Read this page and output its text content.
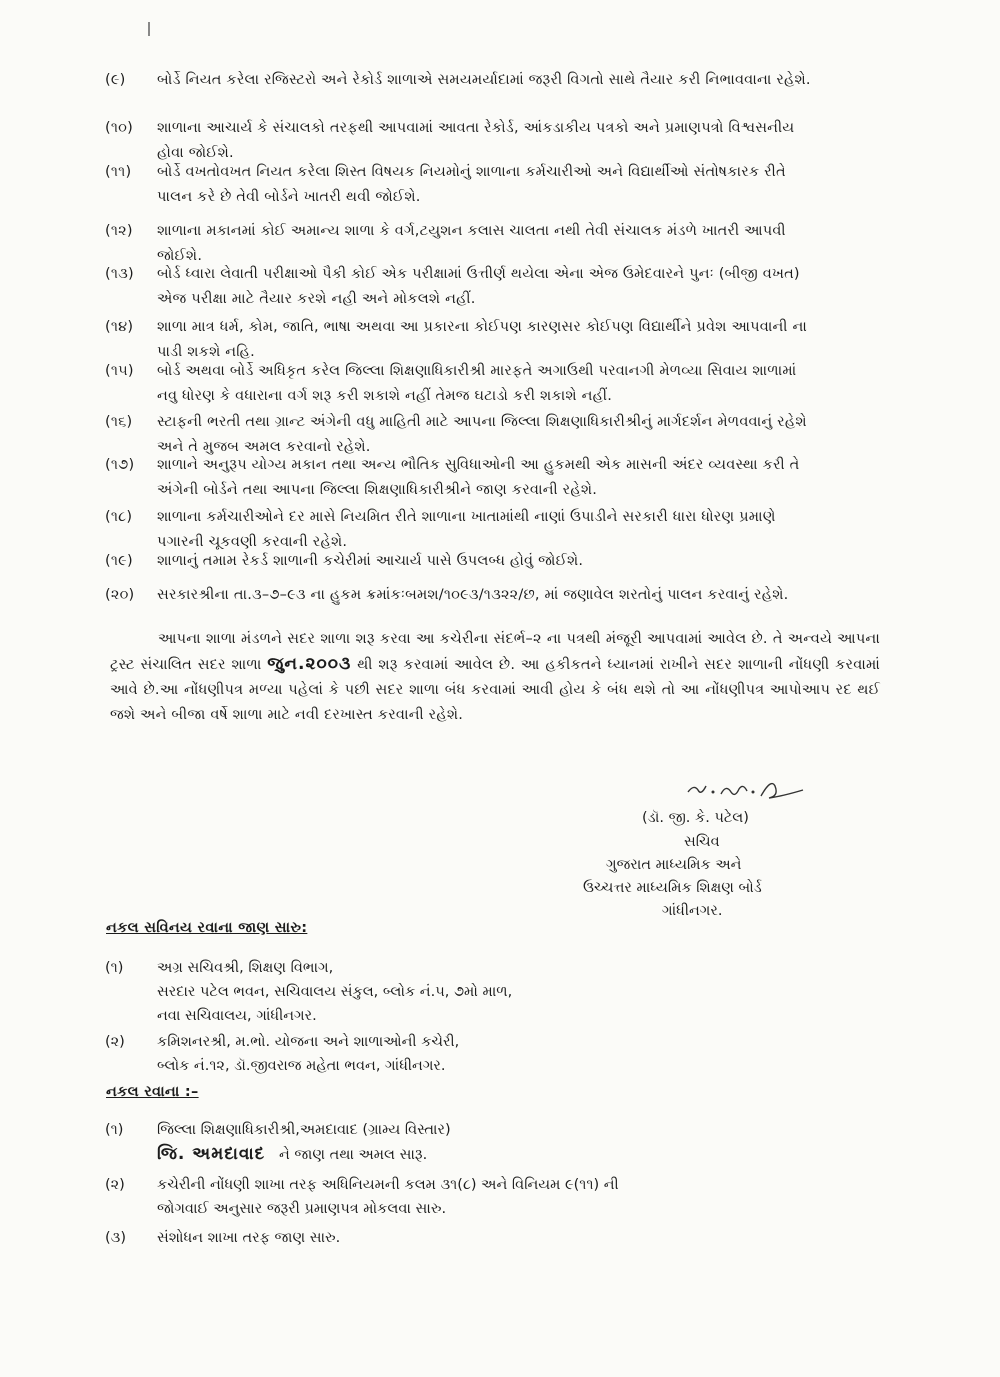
(૯)	બોર્ડે નિયત કરેલા રજિસ્ટરો અને રેકોર્ડ શાળાએ સમયમર્યાદામાં જરૂરી વિગતો સાથે તૈયાર કરી નિભાવવાના રહેશે.
(૧૦)	શાળાના આચાર્ય કે સંચાલકો તરફથી આપવામાં આવતા રેકોર્ડ, આંકડાકીય પત્રકો અને પ્રમાણપત્રો વિશ્વસનીય
હોવા જોઈશે.
(૧૧)	બોર્ડે વખતોવખત નિયત કરેલા શિસ્ત વિષયક નિયમોનું શાળાના કર્મચારીઓ અને વિદ્યાર્થીઓ સંતોષકારક રીતે
પાલન કરે છે તેવી બોર્ડને ખાતરી થવી જોઈશે.
(૧૨)	શાળાના મકાનમાં કોઈ અમાન્ય શાળા કે વર્ગ,ટયુશન કલાસ ચાલતા નથી તેવી સંચાલક મંડળે ખાતરી આપવી
જોઈશે.
(૧૩)	બોર્ડ ધ્વારા લેવાતી પરીક્ષાઓ પૈકી કોઈ એક પરીક્ષામાં ઉત્તીર્ણ થયેલા એના એજ ઉમેદવારને પુનઃ (બીજી વખત)
એજ પરીક્ષા માટે તૈયાર કરશે નહી અને મોકલશે નહીં.
(૧૪)	શાળા માત્ર ધર્મ, કોમ, જાતિ, ભાષા અથવા આ પ્રકારના કોઈપણ કારણસર કોઈપણ વિદ્યાર્થીને પ્રવેશ આપવાની ના
પાડી શકશે નહિ.
(૧૫)	બોર્ડ અથવા બોર્ડે અધિકૃત કરેલ જિલ્લા શિક્ષણાધિકારીશ્રી મારફતે અગાઉથી પરવાનગી મેળવ્યા સિવાય શાળામાં
નવુ ધોરણ કે વધારાના વર્ગ શરૂ કરી શકાશે નહીં તેમજ ઘટાડો કરી શકાશે નહીં.
(૧૬)	સ્ટાફની ભરતી તથા ગ્રાન્ટ અંગેની વધુ માહિતી માટે આપના જિલ્લા શિક્ષણાધિકારીશ્રીનું માર્ગદર્શન મેળવવાનું રહેશે
અને તે મુજબ અમલ કરવાનો રહેશે.
(૧૭)	શાળાને અનુરૂપ યોગ્ય મકાન તથા અન્ય ભૌતિક સુવિધાઓની આ હુકમથી એક માસની અંદર વ્યવસ્થા કરી તે
અંગેની બોર્ડને તથા આપના જિલ્લા શિક્ષણાધિકારીશ્રીને જાણ કરવાની રહેશે.
(૧૮)	શાળાના કર્મચારીઓને દર માસે નિયમિત રીતે શાળાના ખાતામાંથી નાણાં ઉપાડીને સરકારી ધારા ધોરણ પ્રમાણે
પગારની ચૂકવણી કરવાની રહેશે.
(૧૯)	શાળાનું તમામ રેકર્ડ શાળાની કચેરીમાં આચાર્ય પાસે ઉપલબ્ધ હોવું જોઈશે.
(૨૦)	સરકારશ્રીના તા.૩–૭–૯૩ ના હુકમ ક્રમાંકઃબમશ/૧૦૯૩/૧૩૨૨/છ, માં જણાવેલ શરતોનું પાલન કરવાનું રહેશે.
આપના શાળા મંડળને સદર શાળા શરૂ કરવા આ કચેરીના સંદર્ભ–૨ ના પત્રથી મંજૂરી આપવામાં આવેલ છે. તે અન્વયે આપના ટ્રસ્ટ સંચાલિત સદર શાળા જુન.૨૦૦૩ થી શરૂ કરવામાં આવેલ છે. આ હકીકતને ધ્યાનમાં રાખીને સદર શાળાની નોંધણી કરવામાં આવે છે.આ નોંધણીપત્ર મળ્યા પહેલાં કે પછી સદર શાળા બંધ કરવામાં આવી હોય કે બંધ થશે તો આ નોંધણીપત્ર આપોઆપ રદ થઈ જશે અને બીજા વર્ષે શાળા માટે નવી દરખાસ્ત કરવાની રહેશે.
(ડૉ. જી. કે. પટેલ)
સચિવ
ગુજરાત માધ્યમિક અને
ઉચ્ચત્તર માધ્યમિક શિક્ષણ બોર્ડ
ગાંધીનગર.
નકલ સવિનય રવાના જાણ સારુ:
(૧)	અગ્ર સચિવશ્રી, શિક્ષણ વિભાગ,
સરદાર પટેલ ભવન, સચિવાલય સંકુલ, બ્લોક નં.૫, ૭મો માળ,
નવા સચિવાલય, ગાંધીનગર.
(૨)	કમિશનરશ્રી, મ.ભો. યોજના અને શાળાઓની કચેરી,
બ્લોક નં.૧૨, ડૉ.જીવરાજ મહેતા ભવન, ગાંધીનગર.
નકલ રવાના :–
(૧)	જિલ્લા શિક્ષણાધિકારીશ્રી,અમદાવાદ (ગ્રામ્ય વિસ્તાર)
જિ. અમદાવાદ ને જાણ તથા અમલ સારૂ.
(૨)	કચેરીની નોંધણી શાખા તરફ અધિનિયમની કલમ ૩૧(૮) અને વિનિયમ ૯(૧૧) ની
જોગવાઈ અનુસાર જરૂરી પ્રમાણપત્ર મોકલવા સારુ.
(૩)	સંશોધન શાખા તરફ જાણ સારુ.
